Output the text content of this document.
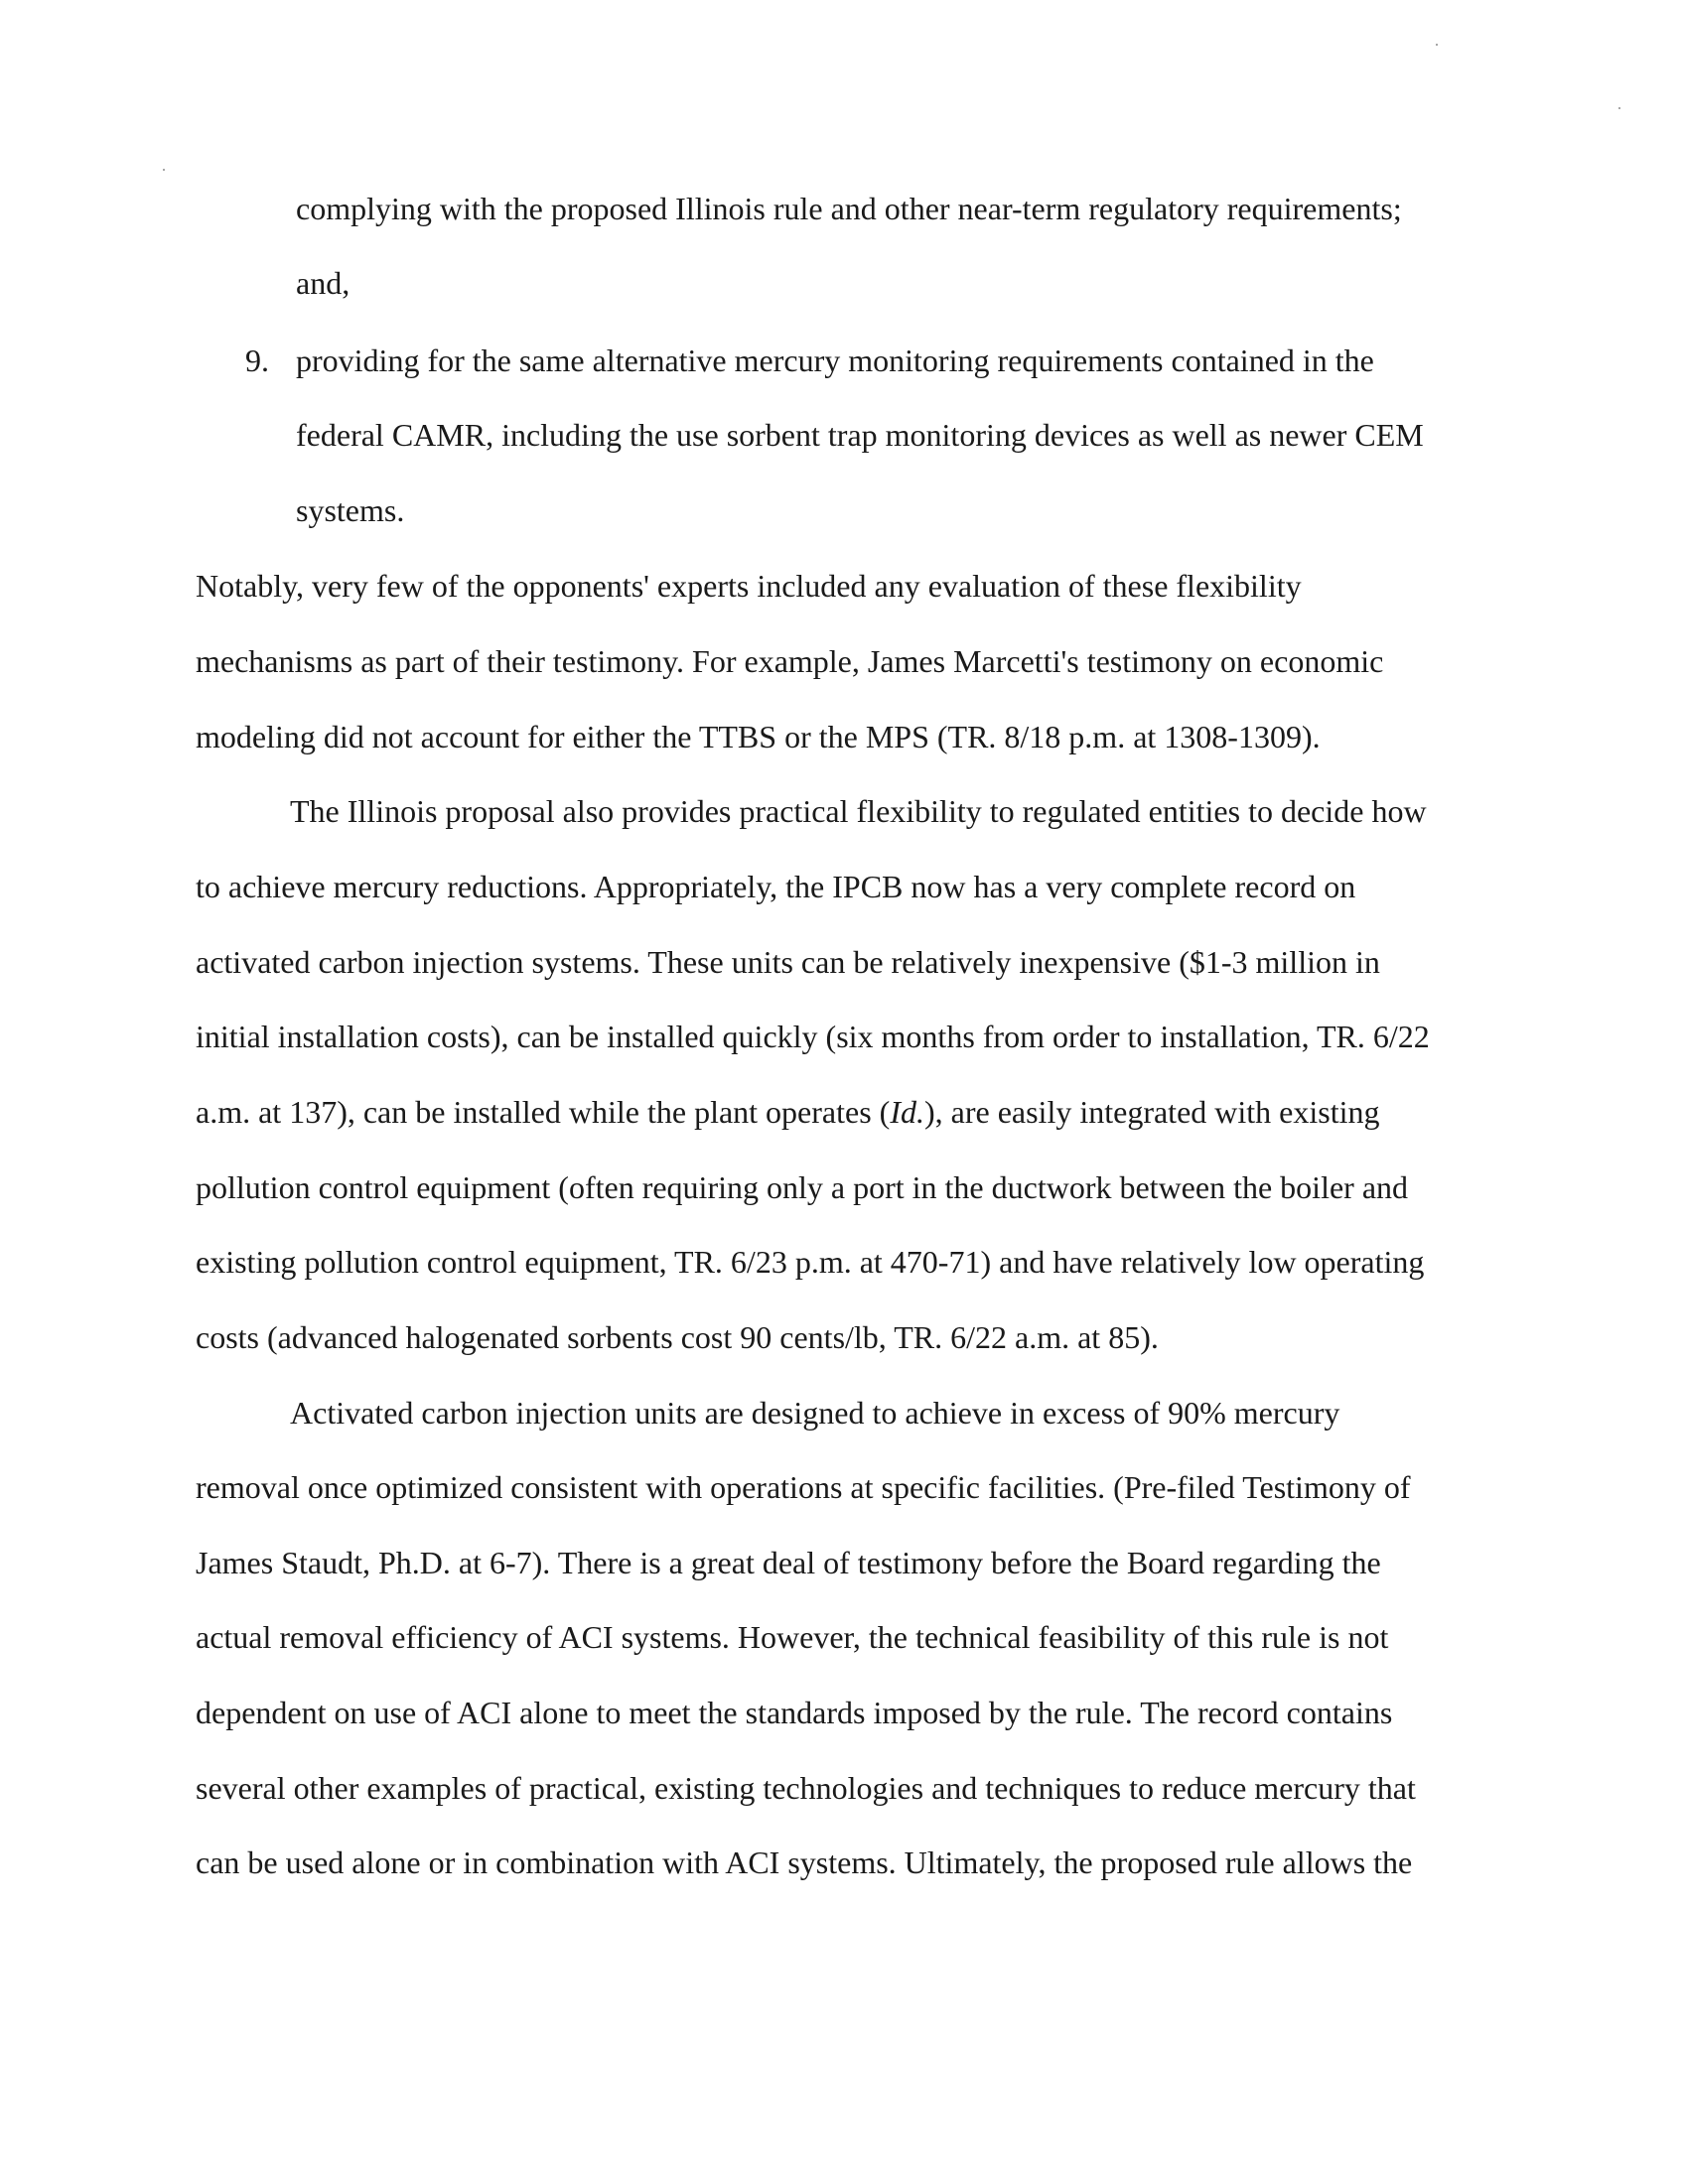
complying with the proposed Illinois rule and other near-term regulatory requirements;

and,

9. providing for the same alternative mercury monitoring requirements contained in the

federal CAMR, including the use sorbent trap monitoring devices as well as newer CEM

systems.

Notably, very few of the opponents' experts included any evaluation of these flexibility

mechanisms as part of their testimony. For example, James Marcetti's testimony on economic

modeling did not account for either the TTBS or the MPS (TR. 8/18 p.m. at 1308-1309).

The Illinois proposal also provides practical flexibility to regulated entities to decide how

to achieve mercury reductions. Appropriately, the IPCB now has a very complete record on

activated carbon injection systems. These units can be relatively inexpensive ($1-3 million in

initial installation costs), can be installed quickly (six months from order to installation, TR. 6/22

a.m. at 137), can be installed while the plant operates (Id.), are easily integrated with existing

pollution control equipment (often requiring only a port in the ductwork between the boiler and

existing pollution control equipment, TR. 6/23 p.m. at 470-71) and have relatively low operating

costs (advanced halogenated sorbents cost 90 cents/lb, TR. 6/22 a.m. at 85).

Activated carbon injection units are designed to achieve in excess of 90% mercury

removal once optimized consistent with operations at specific facilities. (Pre-filed Testimony of

James Staudt, Ph.D. at 6-7). There is a great deal of testimony before the Board regarding the

actual removal efficiency of ACI systems. However, the technical feasibility of this rule is not

dependent on use of ACI alone to meet the standards imposed by the rule. The record contains

several other examples of practical, existing technologies and techniques to reduce mercury that

can be used alone or in combination with ACI systems. Ultimately, the proposed rule allows the
